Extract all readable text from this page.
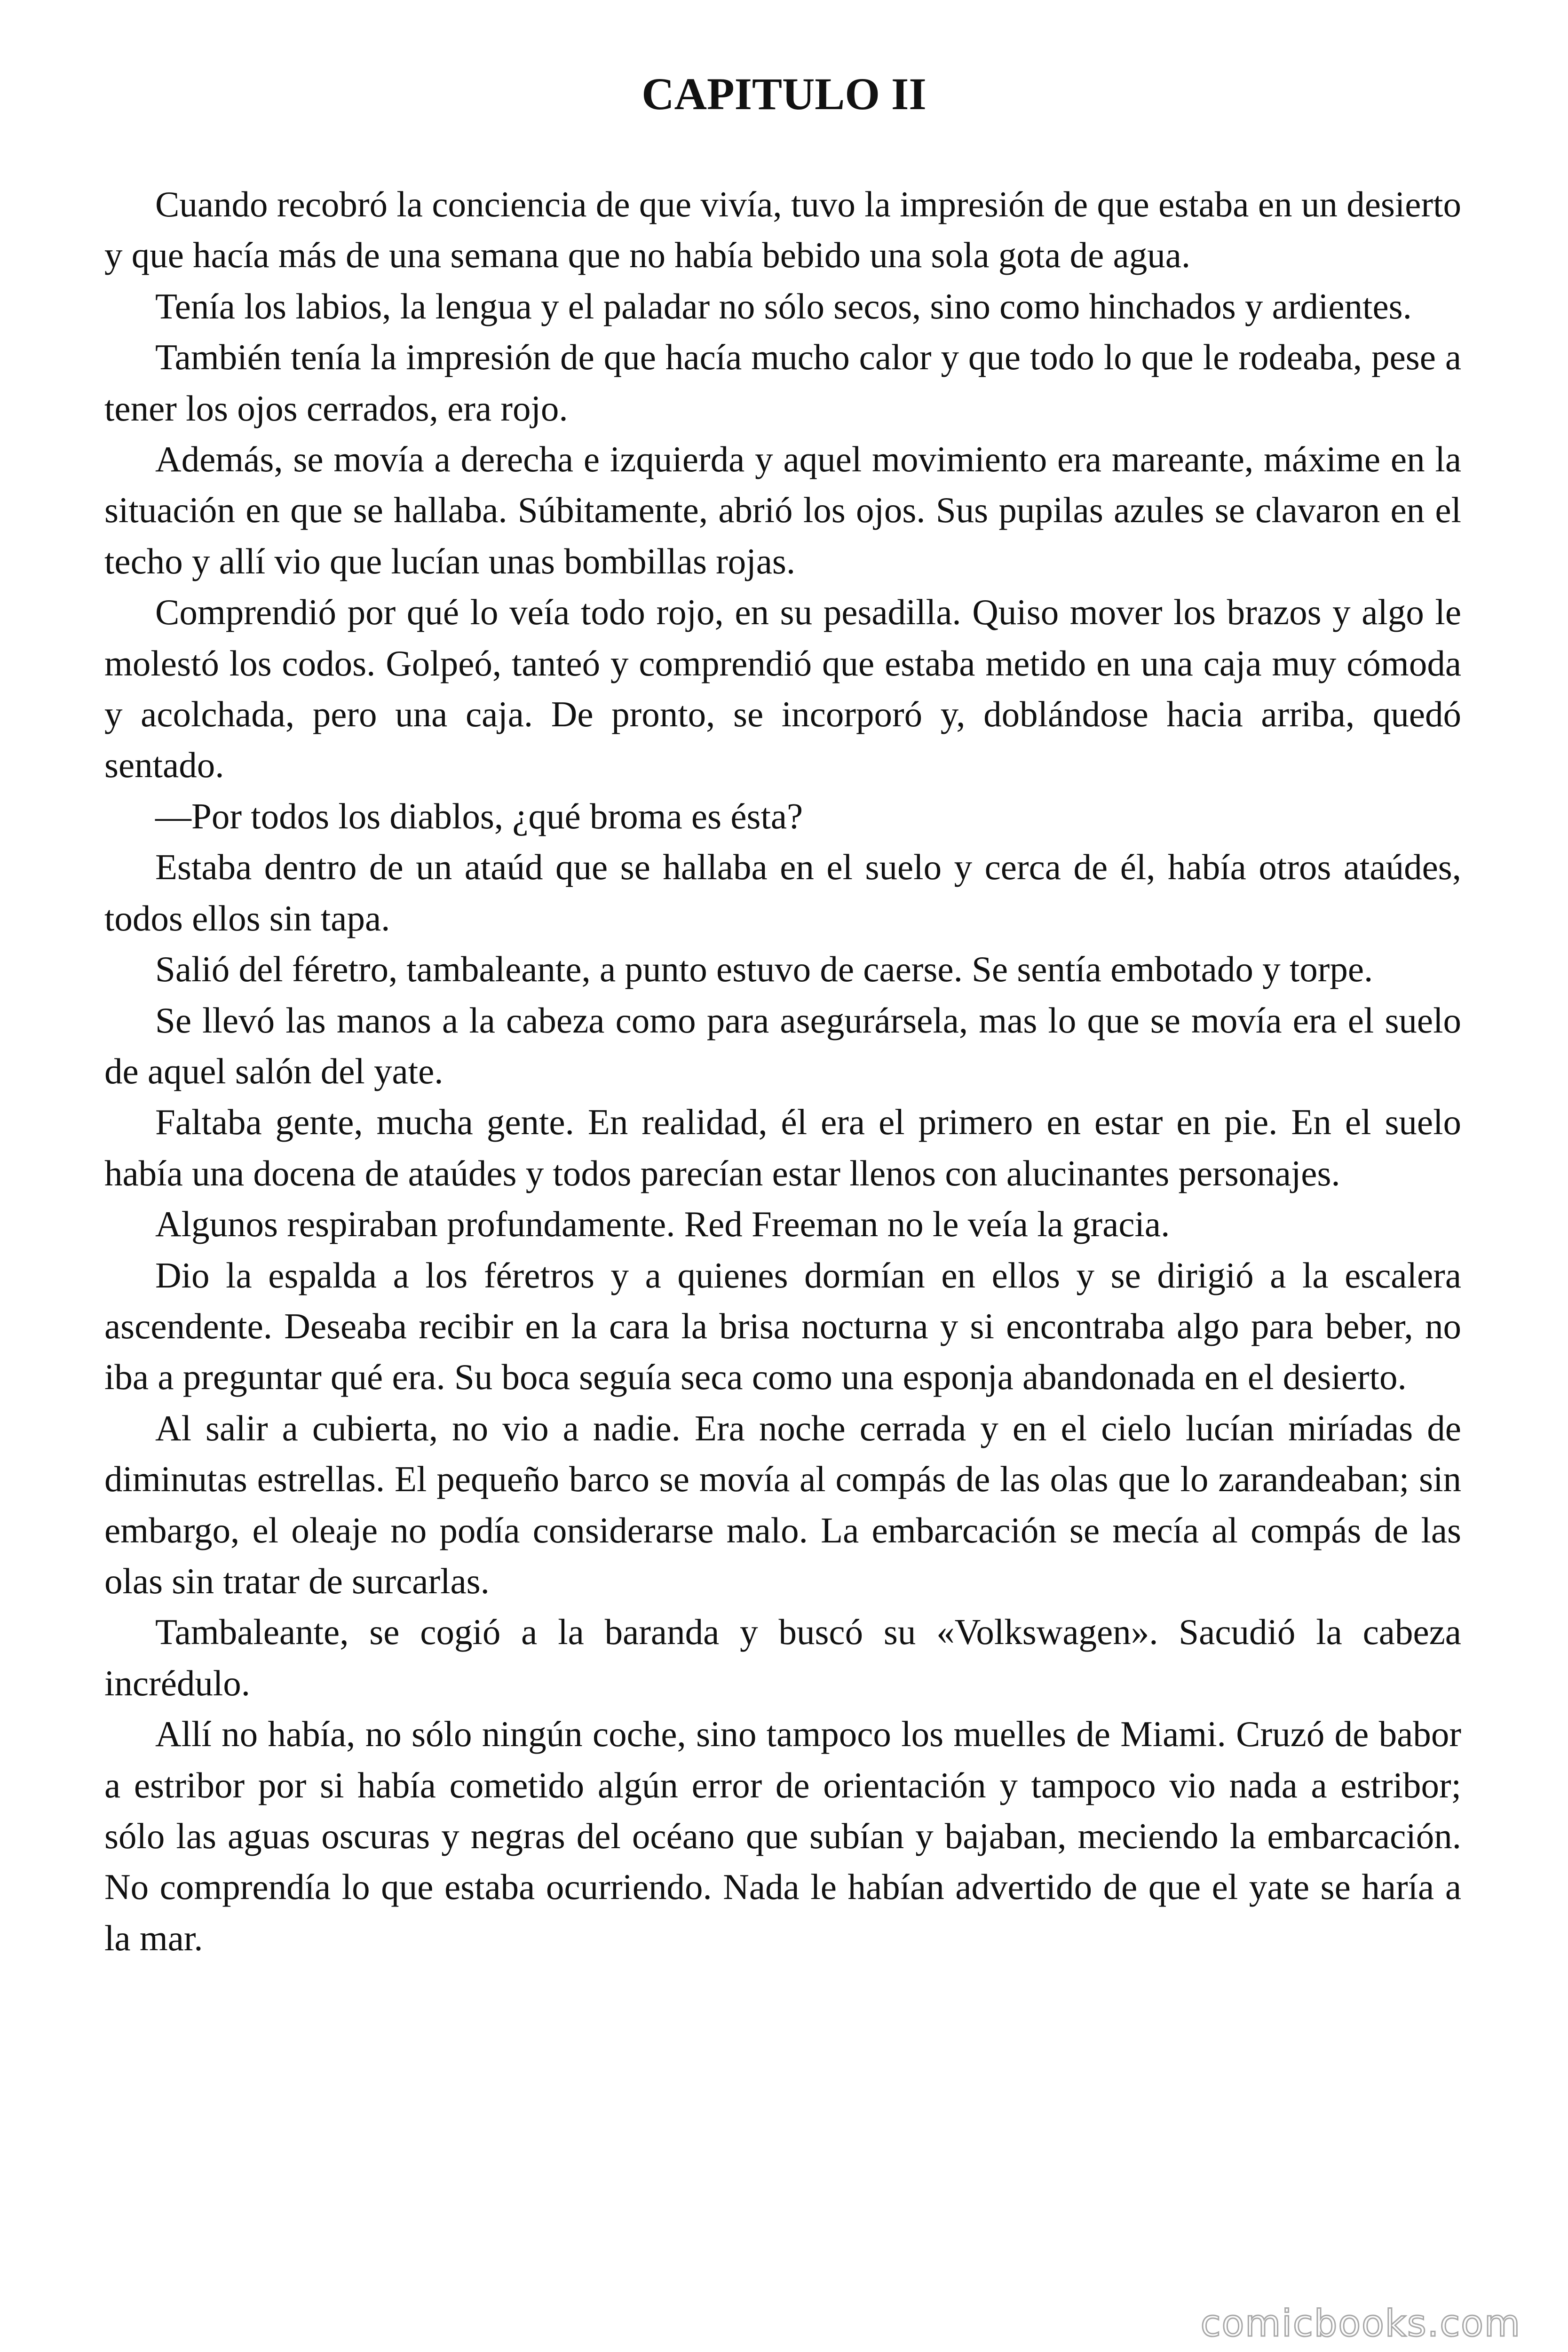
CAPITULO II

Cuando recobró la conciencia de que vivía, tuvo la impresión de que estaba en un desierto y que hacía más de una semana que no había bebido una sola gota de agua.

Tenía los labios, la lengua y el paladar no sólo secos, sino como hinchados y ardientes.

También tenía la impresión de que hacía mucho calor y que todo lo que le rodeaba, pese a tener los ojos cerrados, era rojo.

Además, se movía a derecha e izquierda y aquel movimiento era mareante, máxime en la situación en que se hallaba. Súbitamente, abrió los ojos. Sus pupilas azules se clavaron en el techo y allí vio que lucían unas bombillas rojas.

Comprendió por qué lo veía todo rojo, en su pesadilla. Quiso mover los brazos y algo le molestó los codos. Golpeó, tanteó y comprendió que estaba metido en una caja muy cómoda y acolchada, pero una caja. De pronto, se incorporó y, doblándose hacia arriba, quedó sentado.

—Por todos los diablos, ¿qué broma es ésta?

Estaba dentro de un ataúd que se hallaba en el suelo y cerca de él, había otros ataúdes, todos ellos sin tapa.

Salió del féretro, tambaleante, a punto estuvo de caerse. Se sentía embotado y torpe.

Se llevó las manos a la cabeza como para asegurársela, mas lo que se movía era el suelo de aquel salón del yate.

Faltaba gente, mucha gente. En realidad, él era el primero en estar en pie. En el suelo había una docena de ataúdes y todos parecían estar llenos con alucinantes personajes.

Algunos respiraban profundamente. Red Freeman no le veía la gracia.

Dio la espalda a los féretros y a quienes dormían en ellos y se dirigió a la escalera ascendente. Deseaba recibir en la cara la brisa nocturna y si encontraba algo para beber, no iba a preguntar qué era. Su boca seguía seca como una esponja abandonada en el desierto.

Al salir a cubierta, no vio a nadie. Era noche cerrada y en el cielo lucían miríadas de diminutas estrellas. El pequeño barco se movía al compás de las olas que lo zarandeaban; sin embargo, el oleaje no podía considerarse malo. La embarcación se mecía al compás de las olas sin tratar de surcarlas.

Tambaleante, se cogió a la baranda y buscó su «Volkswagen». Sacudió la cabeza incrédulo.

Allí no había, no sólo ningún coche, sino tampoco los muelles de Miami. Cruzó de babor a estribor por si había cometido algún error de orientación y tampoco vio nada a estribor; sólo las aguas oscuras y negras del océano que subían y bajaban, meciendo la embarcación. No comprendía lo que estaba ocurriendo. Nada le habían advertido de que el yate se haría a la mar.

comicbooks.com
